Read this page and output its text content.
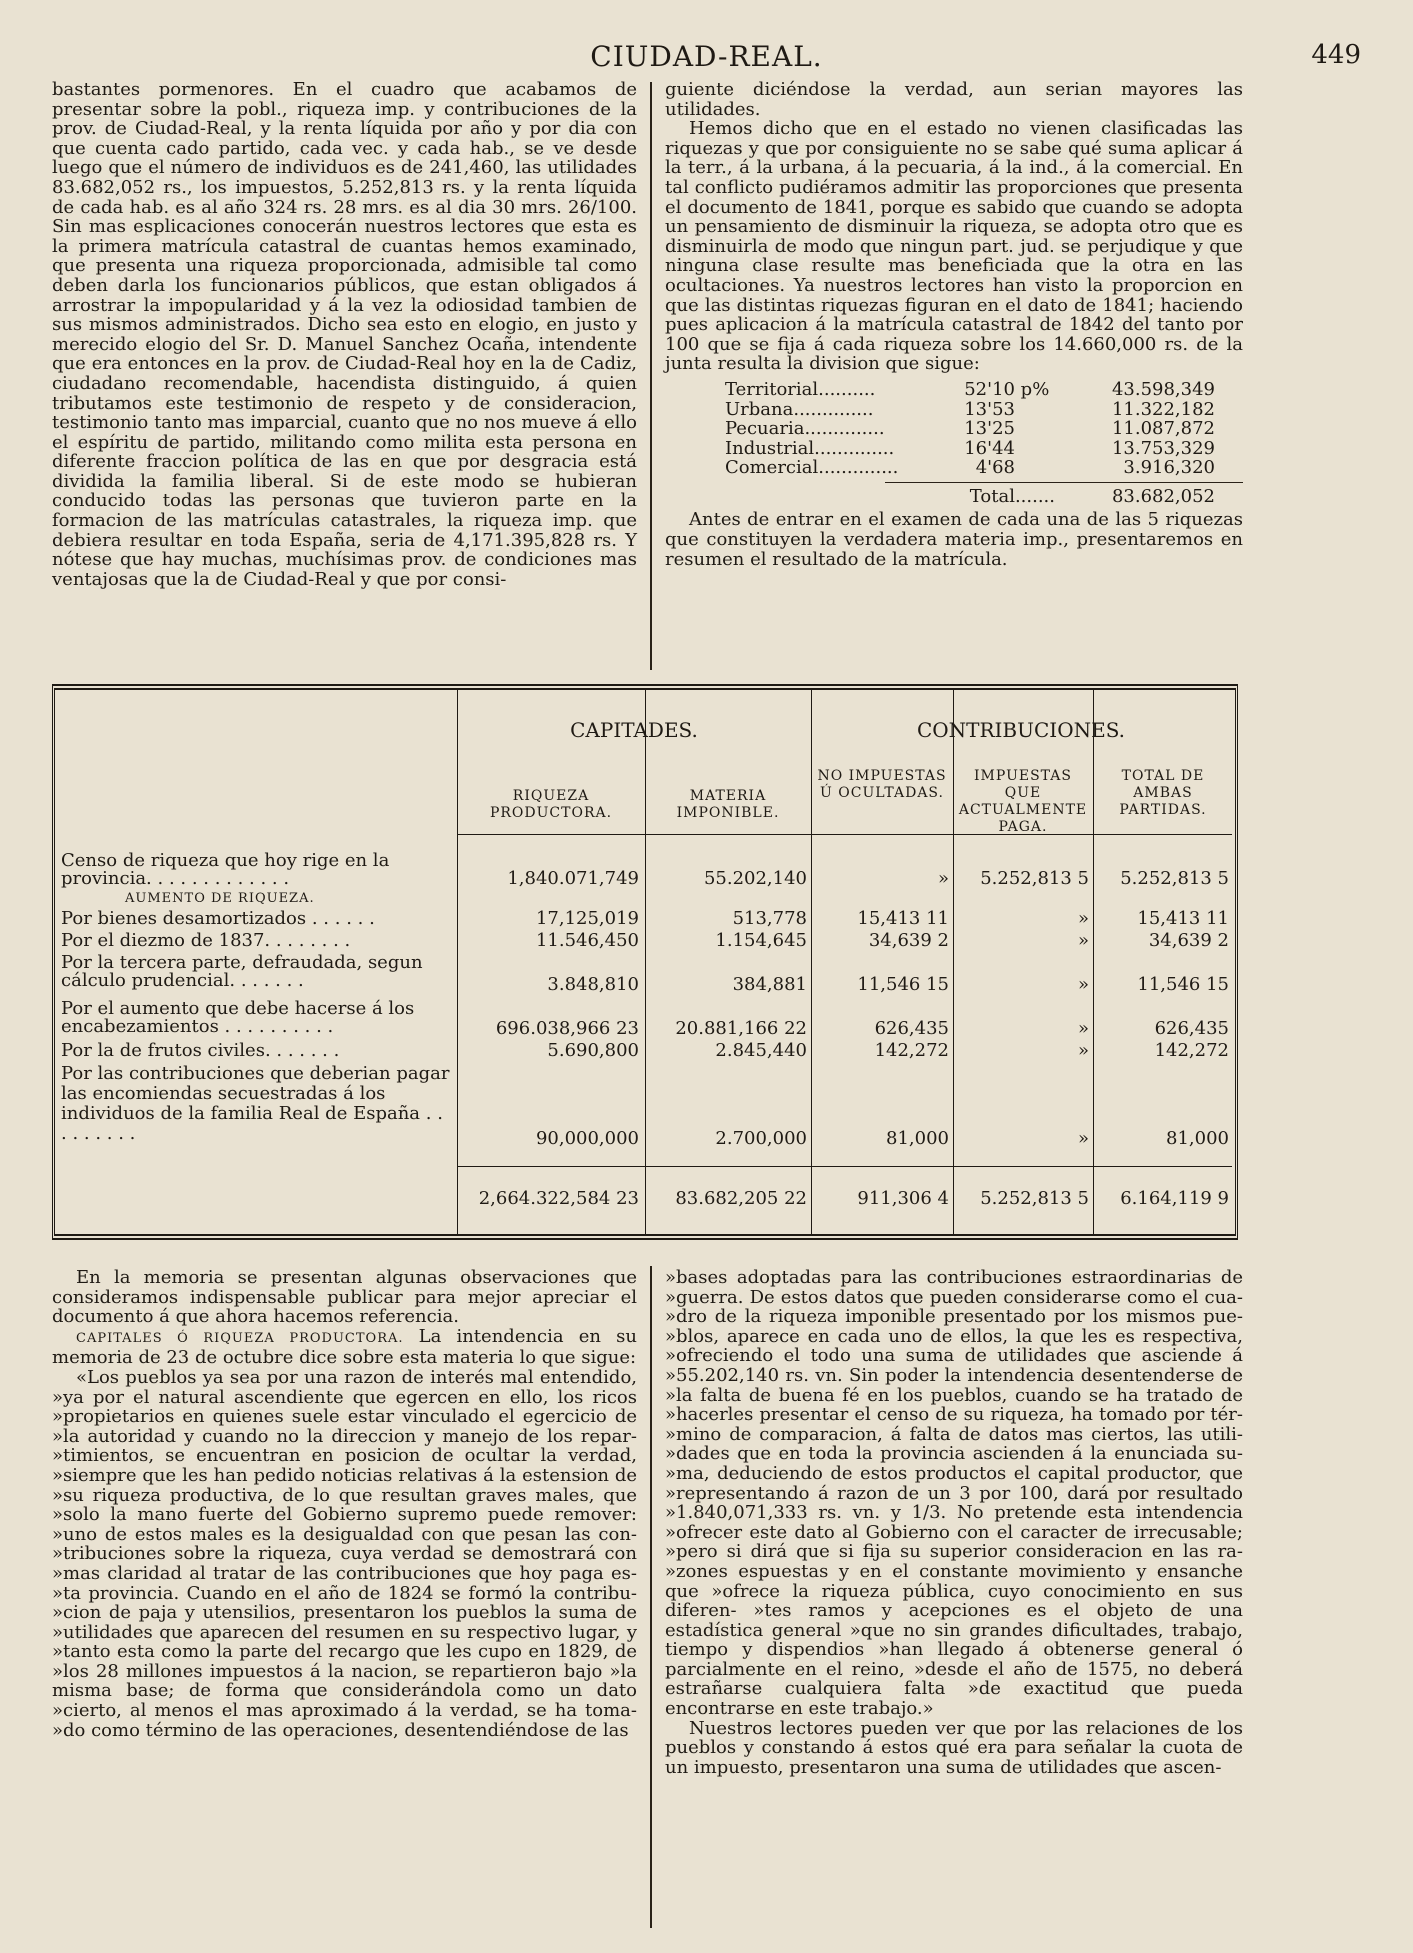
CIUDAD-REAL.	449

bastantes pormenores. En el cuadro que acabamos de presentar sobre la pobl., riqueza imp. y contribuciones de la prov. de Ciudad-Real, y la renta líquida por año y por dia con que cuenta cado partido, cada vec. y cada hab., se ve desde luego que el número de individuos es de 241,460, las utilidades 83.682,052 rs., los impuestos, 5.252,813 rs. y la renta líquida de cada hab. es al año 324 rs. 28 mrs. es al dia 30 mrs. 26/100. Sin mas esplicaciones conocerán nuestros lectores que esta es la primera matrícula catastral de cuantas hemos examinado, que presenta una riqueza proporcionada, admisible tal como deben darla los funcionarios públicos, que estan obligados á arrostrar la impopularidad y á la vez la odiosidad tambien de sus mismos administrados. Dicho sea esto en elogio, en justo y merecido elogio del Sr. D. Manuel Sanchez Ocaña, intendente que era entonces en la prov. de Ciudad-Real hoy en la de Cadiz, ciudadano recomendable, hacendista distinguido, á quien tributamos este testimonio de respeto y de consideracion, testimonio tanto mas imparcial, cuanto que no nos mueve á ello el espíritu de partido, militando como milita esta persona en diferente fraccion política de las en que por desgracia está dividida la familia liberal. Si de este modo se hubieran conducido todas las personas que tuvieron parte en la formacion de las matrículas catastrales, la riqueza imp. que debiera resultar en toda España, seria de 4,171.395,828 rs. Y nótese que hay muchas, muchísimas prov. de condiciones mas ventajosas que la de Ciudad-Real y que por consi-

guiente diciéndose la verdad, aun serian mayores las utilidades.

Hemos dicho que en el estado no vienen clasificadas las riquezas y que por consiguiente no se sabe qué suma aplicar á la terr., á la urbana, á la pecuaria, á la ind., á la comercial. En tal conflicto pudiéramos admitir las proporciones que presenta el documento de 1841, porque es sabido que cuando se adopta un pensamiento de disminuir la riqueza, se adopta otro que es disminuirla de modo que ningun part. jud. se perjudique y que ninguna clase resulte mas beneficiada que la otra en las ocultaciones. Ya nuestros lectores han visto la proporcion en que las distintas riquezas figuran en el dato de 1841; haciendo pues aplicacion á la matrícula catastral de 1842 del tanto por 100 que se fija á cada riqueza sobre los 14.660,000 rs. de la junta resulta la division que sigue:

Territorial..........	52'10 p%	43.598,349
Urbana..............	13'53	11.322,182
Pecuaria..............	13'25	11.087,872
Industrial..............	16'44	13.753,329
Comercial..............	4'68	3.916,320
Total.......	83.682,052

Antes de entrar en el examen de cada una de las 5 riquezas que constituyen la verdadera materia imp., presentaremos en resumen el resultado de la matrícula.

CAPITADES.	CONTRIBUCIONES.
RIQUEZA PRODUCTORA.
MATERIA IMPONIBLE.
NO IMPUESTAS Ú OCULTADAS.
IMPUESTAS QUE ACTUALMENTE PAGA.
TOTAL DE AMBAS PARTIDAS.
Censo de riqueza que hoy rige en la provincia. . . . . . . . . . . . .	1,840.071,749	55.202,140	»	5.252,813 5	5.252,813 5
AUMENTO DE RIQUEZA.
Por bienes desamortizados . . . . . .	17,125,019	513,778	15,413 11	»	15,413 11
Por el diezmo de 1837. . . . . . . .	11.546,450	1.154,645	34,639 2	»	34,639 2
Por la tercera parte, defraudada, segun cálculo prudencial. . . . . . .	3.848,810	384,881	11,546 15	»	11,546 15
Por el aumento que debe hacerse á los encabezamientos . . . . . . . . . .	696.038,966 23	20.881,166 22	626,435	»	626,435
Por la de frutos civiles. . . . . . .	5.690,800	2.845,440	142,272	»	142,272
Por las contribuciones que deberian pagar las encomiendas secuestradas á los individuos de la familia Real de España . . . . . . . . .	90,000,000	2.700,000	81,000	»	81,000
2,664.322,584 23	83.682,205 22	911,306 4	5.252,813 5	6.164,119 9

En la memoria se presentan algunas observaciones que consideramos indispensable publicar para mejor apreciar el documento á que ahora hacemos referencia.

CAPITALES Ó RIQUEZA PRODUCTORA. La intendencia en su memoria de 23 de octubre dice sobre esta materia lo que sigue:

«Los pueblos ya sea por una razon de interés mal entendido, »ya por el natural ascendiente que egercen en ello, los ricos »propietarios en quienes suele estar vinculado el egercicio de »la autoridad y cuando no la direccion y manejo de los repar- »timientos, se encuentran en posicion de ocultar la verdad, »siempre que les han pedido noticias relativas á la estension de »su riqueza productiva, de lo que resultan graves males, que »solo la mano fuerte del Gobierno supremo puede remover: »uno de estos males es la desigualdad con que pesan las con- »tribuciones sobre la riqueza, cuya verdad se demostrará con »mas claridad al tratar de las contribuciones que hoy paga es- »ta provincia. Cuando en el año de 1824 se formó la contribu- »cion de paja y utensilios, presentaron los pueblos la suma de »utilidades que aparecen del resumen en su respectivo lugar, y »tanto esta como la parte del recargo que les cupo en 1829, de »los 28 millones impuestos á la nacion, se repartieron bajo »la misma base; de forma que considerándola como un dato »cierto, al menos el mas aproximado á la verdad, se ha toma- »do como término de las operaciones, desentendiéndose de las

»bases adoptadas para las contribuciones estraordinarias de »guerra. De estos datos que pueden considerarse como el cua- »dro de la riqueza imponible presentado por los mismos pue- »blos, aparece en cada uno de ellos, la que les es respectiva, »ofreciendo el todo una suma de utilidades que asciende á »55.202,140 rs. vn. Sin poder la intendencia desentenderse de »la falta de buena fé en los pueblos, cuando se ha tratado de »hacerles presentar el censo de su riqueza, ha tomado por tér- »mino de comparacion, á falta de datos mas ciertos, las utili- »dades que en toda la provincia ascienden á la enunciada su- »ma, deduciendo de estos productos el capital productor, que »representando á razon de un 3 por 100, dará por resultado »1.840,071,333 rs. vn. y 1/3. No pretende esta intendencia »ofrecer este dato al Gobierno con el caracter de irrecusable; »pero si dirá que si fija su superior consideracion en las ra- »zones espuestas y en el constante movimiento y ensanche que »ofrece la riqueza pública, cuyo conocimiento en sus diferen- »tes ramos y acepciones es el objeto de una estadística general »que no sin grandes dificultades, trabajo, tiempo y dispendios »han llegado á obtenerse general ó parcialmente en el reino, »desde el año de 1575, no deberá estrañarse cualquiera falta »de exactitud que pueda encontrarse en este trabajo.»

Nuestros lectores pueden ver que por las relaciones de los pueblos y constando á estos qué era para señalar la cuota de un impuesto, presentaron una suma de utilidades que ascen-
